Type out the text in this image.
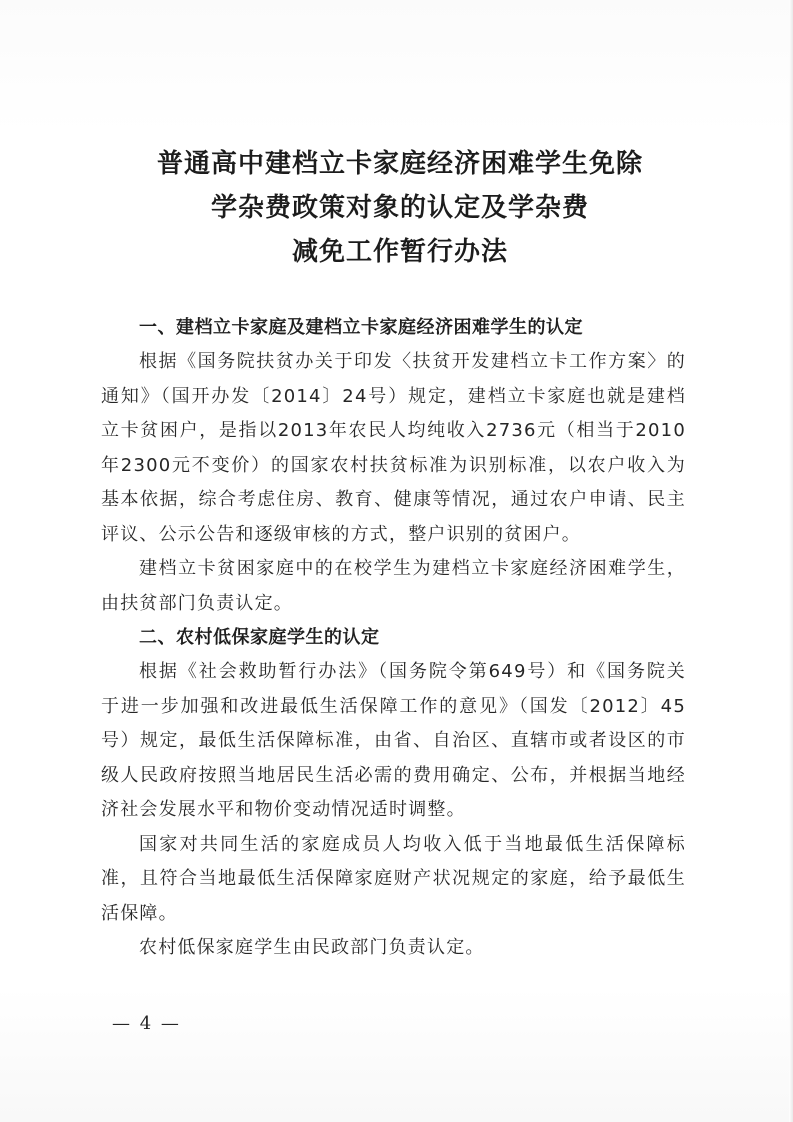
普通高中建档立卡家庭经济困难学生免除
学杂费政策对象的认定及学杂费
减免工作暂行办法
一、建档立卡家庭及建档立卡家庭经济困难学生的认定

根据《国务院扶贫办关于印发〈扶贫开发建档立卡工作方案〉的通知》（国开办发〔2014〕24号）规定，建档立卡家庭也就是建档立卡贫困户，是指以2013年农民人均纯收入2736元（相当于2010年2300元不变价）的国家农村扶贫标准为识别标准，以农户收入为基本依据，综合考虑住房、教育、健康等情况，通过农户申请、民主评议、公示公告和逐级审核的方式，整户识别的贫困户。

建档立卡贫困家庭中的在校学生为建档立卡家庭经济困难学生，由扶贫部门负责认定。

二、农村低保家庭学生的认定

根据《社会救助暂行办法》（国务院令第649号）和《国务院关于进一步加强和改进最低生活保障工作的意见》（国发〔2012〕45号）规定，最低生活保障标准，由省、自治区、直辖市或者设区的市级人民政府按照当地居民生活必需的费用确定、公布，并根据当地经济社会发展水平和物价变动情况适时调整。

国家对共同生活的家庭成员人均收入低于当地最低生活保障标准，且符合当地最低生活保障家庭财产状况规定的家庭，给予最低生活保障。

农村低保家庭学生由民政部门负责认定。

— 4 —
